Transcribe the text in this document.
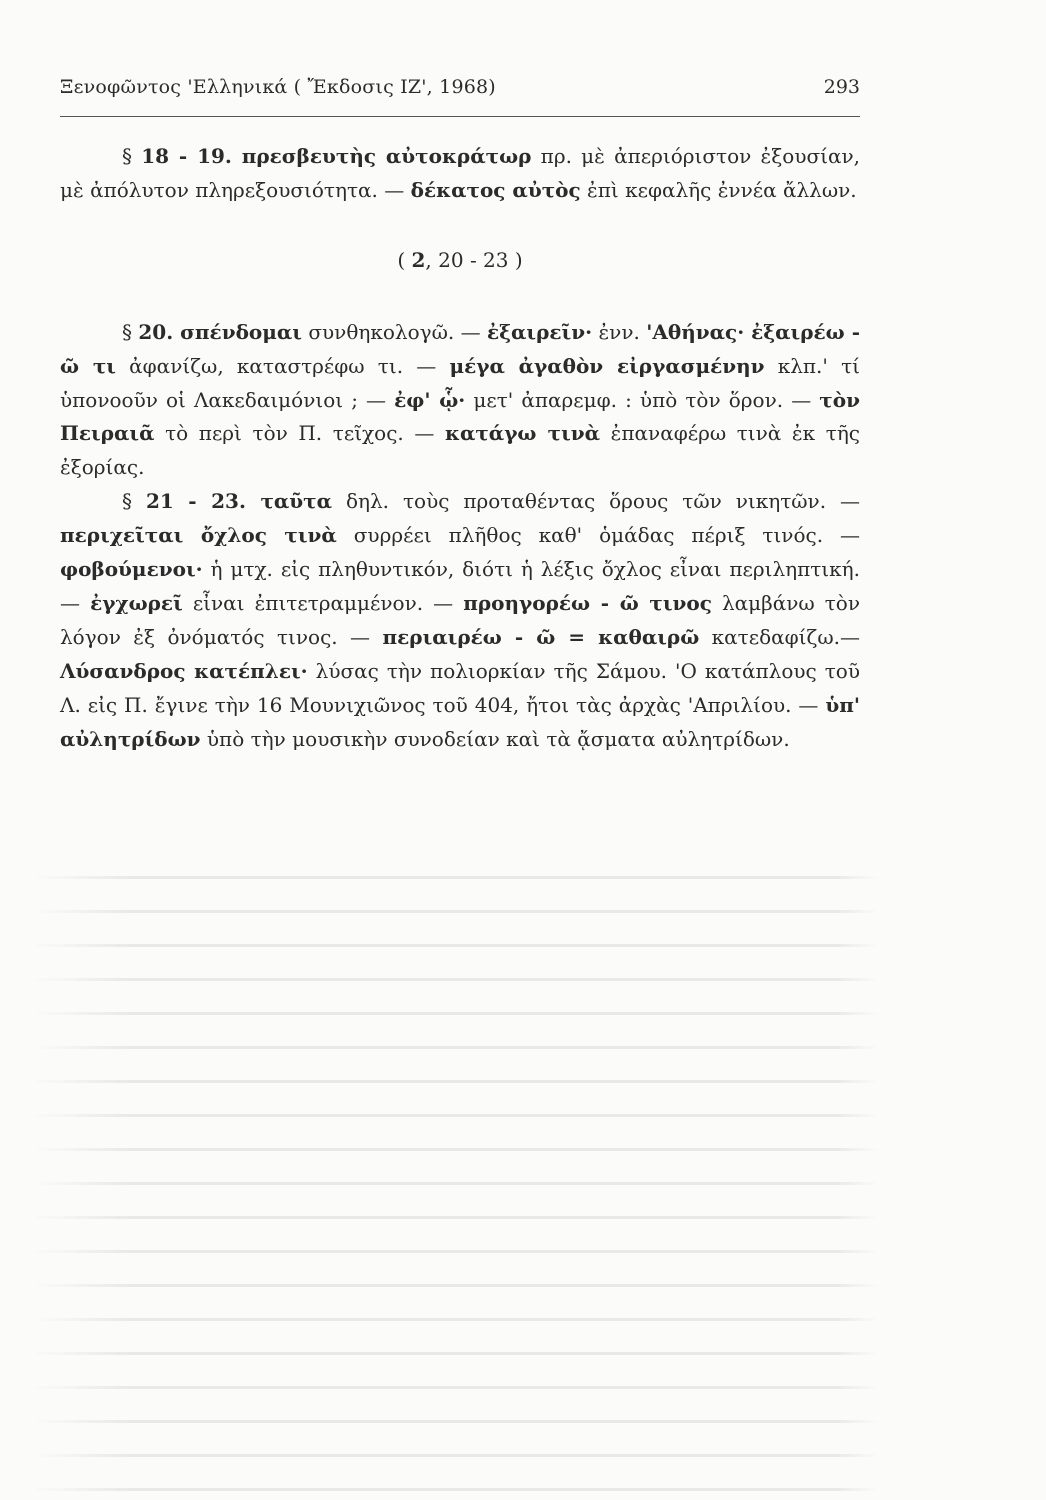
Ξενοφῶντος 'Ελληνικά ( Ἔκδοσις ΙΖ', 1968)	293

§ 18 - 19. πρεσβευτὴς αὐτοκράτωρ πρ. μὲ ἀπεριόριστον ἐξουσίαν, μὲ ἀπόλυτον πληρεξουσιότητα. — δέκατος αὐτὸς ἐπὶ κεφαλῆς ἐννέα ἄλλων.

( 2, 20 - 23 )

§ 20. σπένδομαι συνθηκολογῶ. — ἐξαιρεῖν· ἐνν. 'Αθήνας· ἐξαιρέω - ῶ τι ἀφανίζω, καταστρέφω τι. — μέγα ἀγαθὸν εἰργασμένην κλπ.' τί ὑπονοοῦν οἱ Λακεδαιμόνιοι ; — ἐφ' ᾧ· μετ' ἀπαρεμφ. : ὑπὸ τὸν ὅρον. — τὸν Πειραιᾶ τὸ περὶ τὸν Π. τεῖχος. — κατάγω τινὰ ἐπαναφέρω τινὰ ἐκ τῆς ἐξορίας.

§ 21 - 23. ταῦτα δηλ. τοὺς προταθέντας ὅρους τῶν νικητῶν. — περιχεῖται ὄχλος τινὰ συρρέει πλῆθος καθ' ὁμάδας πέριξ τινός. — φοβούμενοι· ἡ μτχ. εἰς πληθυντικόν, διότι ἡ λέξις ὄχλος εἶναι περιληπτική. — ἐγχωρεῖ εἶναι ἐπιτετραμμένον. — προηγορέω - ῶ τινος λαμβάνω τὸν λόγον ἐξ ὀνόματός τινος. — περιαιρέω - ῶ = καθαιρῶ κατεδαφίζω.— Λύσανδρος κατέπλει· λύσας τὴν πολιορκίαν τῆς Σάμου. 'Ο κατάπλους τοῦ Λ. εἰς Π. ἔγινε τὴν 16 Μουνιχιῶνος τοῦ 404, ἤτοι τὰς ἀρχὰς 'Απριλίου. — ὑπ' αὐλητρίδων ὑπὸ τὴν μουσικὴν συνοδείαν καὶ τὰ ᾄσματα αὐλητρίδων.
